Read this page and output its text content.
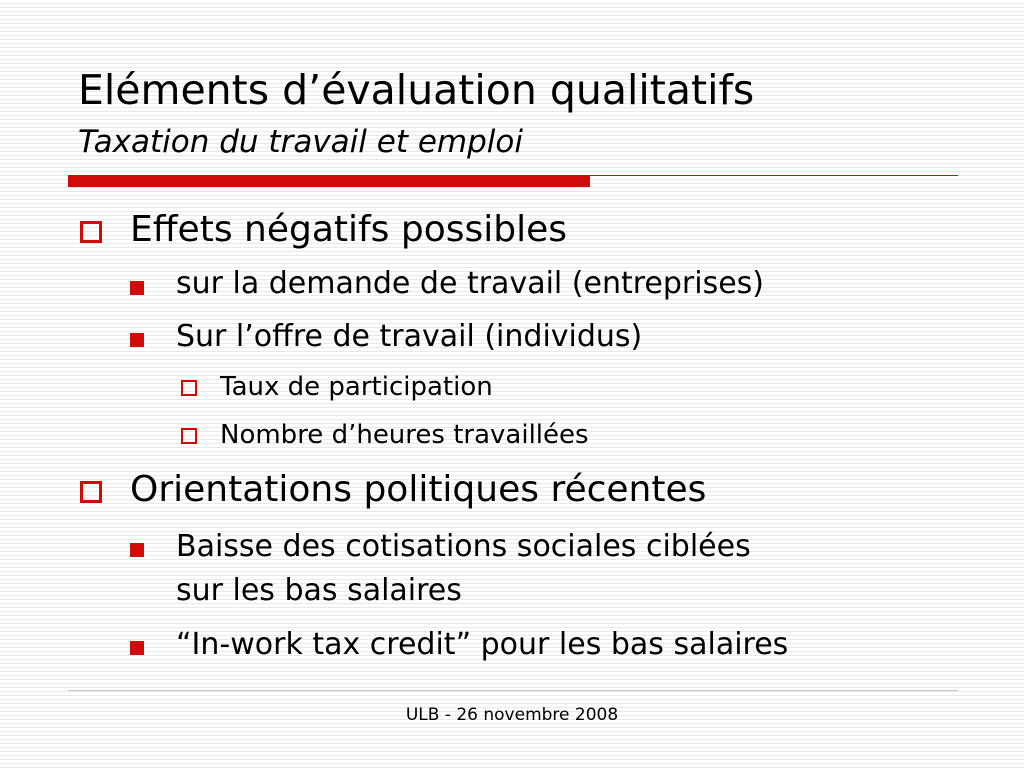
Eléments d’évaluation qualitatifs
Taxation du travail et emploi
Effets négatifs possibles
sur la demande de travail (entreprises)
Sur l’offre de travail (individus)
Taux de participation
Nombre d’heures travaillées
Orientations politiques récentes
Baisse des cotisations sociales ciblées
sur les bas salaires
“In-work tax credit” pour les bas salaires
ULB - 26 novembre 2008
